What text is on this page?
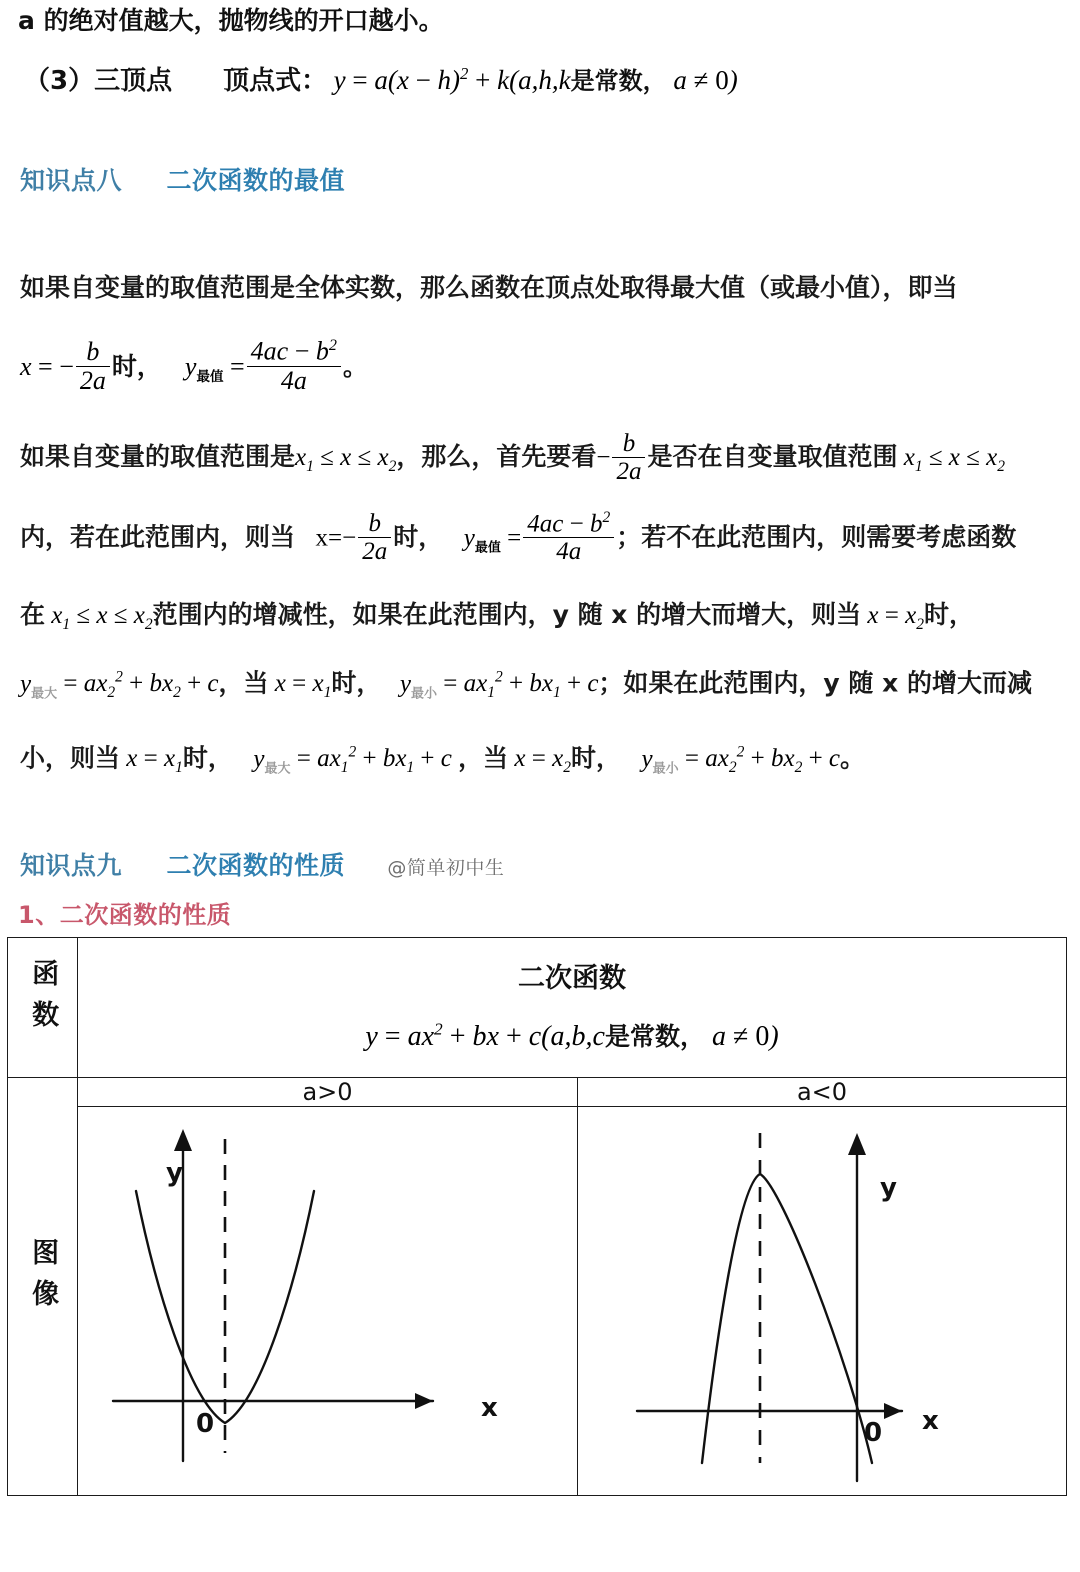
a 的绝对值越大，抛物线的开口越小。
（3）三顶点 顶点式： $y = a(x - h)^2 + k(a,h,k$是常数， a ≠ 0)
知识点八 二次函数的最值
如果自变量的取值范围是全体实数，那么函数在顶点处取得最大值（或最小值），即当
x = − $\frac{b}{2a}$ 时， $y_{最值} = \frac{4ac - b^2}{4a}$ 。
如果自变量的取值范围是$x_1 \le x \le x_2$，那么，首先要看− $\frac{b}{2a}$ 是否在自变量取值范围 $x_1 \le x \le x_2$
内，若在此范围内，则当 $x=- \frac{b}{2a}$ 时， $y_{最值} = \frac{4ac - b^2}{4a}$ ；若不在此范围内，则需要考虑函数
在 $x_1 \le x \le x_2$范围内的增减性，如果在此范围内，y 随 x 的增大而增大，则当 $x = x_2$时，
$y_{最大} = ax_2^2 + bx_2 + c$，当 $x = x_1$时， $y_{最小} = ax_1^2 + bx_1 + c$；如果在此范围内，y 随 x 的增大而减
小，则当 $x = x_1$时， $y_{最大} = ax_1^2 + bx_1 + c$ ，当 $x = x_2$时， $y_{最小} = ax_2^2 + bx_2 + c$。
知识点九 二次函数的性质 @简单初中生
1、二次函数的性质
函数	二次函数
$y = ax^2$ + bx + c(a,b,c是常数， a ≠ 0)	

图像	a>0	a<0

y
x
0	y
x
0
